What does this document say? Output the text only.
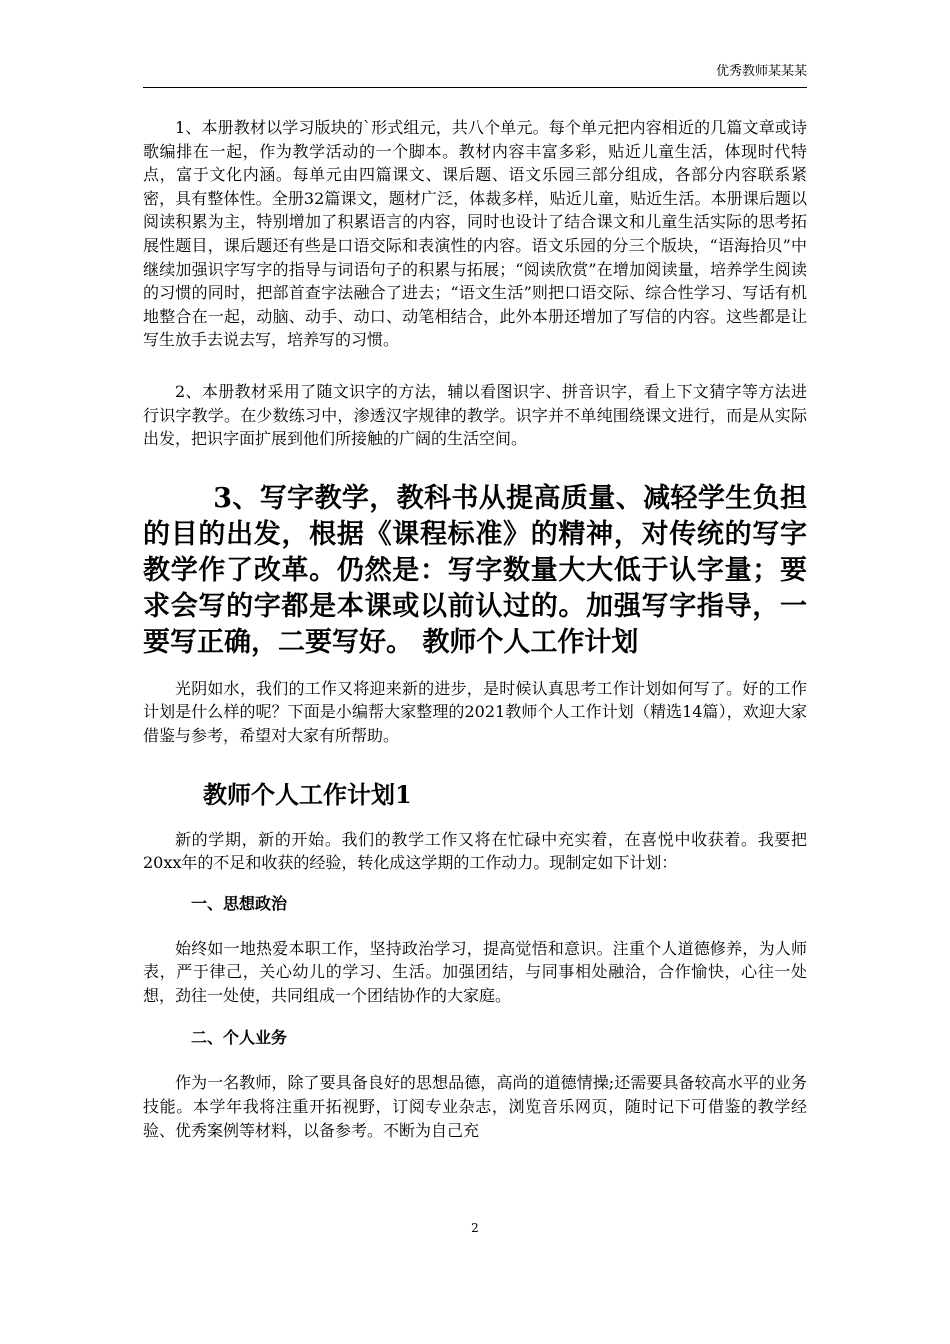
优秀教师某某某

1、本册教材以学习版块的`形式组元，共八个单元。每个单元把内容相近的几篇文章或诗歌编排在一起，作为教学活动的一个脚本。教材内容丰富多彩，贴近儿童生活，体现时代特点，富于文化内涵。每单元由四篇课文、课后题、语文乐园三部分组成，各部分内容联系紧密，具有整体性。全册32篇课文，题材广泛，体裁多样，贴近儿童，贴近生活。本册课后题以阅读积累为主，特别增加了积累语言的内容，同时也设计了结合课文和儿童生活实际的思考拓展性题目，课后题还有些是口语交际和表演性的内容。语文乐园的分三个版块，“语海拾贝”中继续加强识字写字的指导与词语句子的积累与拓展；“阅读欣赏”在增加阅读量，培养学生阅读的习惯的同时，把部首查字法融合了进去；“语文生活”则把口语交际、综合性学习、写话有机地整合在一起，动脑、动手、动口、动笔相结合，此外本册还增加了写信的内容。这些都是让写生放手去说去写，培养写的习惯。

2、本册教材采用了随文识字的方法，辅以看图识字、拼音识字，看上下文猜字等方法进行识字教学。在少数练习中，渗透汉字规律的教学。识字并不单纯围绕课文进行，而是从实际出发，把识字面扩展到他们所接触的广阔的生活空间。

3、写字教学，教科书从提高质量、减轻学生负担的目的出发，根据《课程标准》的精神，对传统的写字教学作了改革。仍然是：写字数量大大低于认字量；要求会写的字都是本课或以前认过的。加强写字指导，一要写正确，二要写好。 教师个人工作计划

光阴如水，我们的工作又将迎来新的进步，是时候认真思考工作计划如何写了。好的工作计划是什么样的呢？下面是小编帮大家整理的2021教师个人工作计划（精选14篇），欢迎大家借鉴与参考，希望对大家有所帮助。

教师个人工作计划1

新的学期，新的开始。我们的教学工作又将在忙碌中充实着，在喜悦中收获着。我要把20xx年的不足和收获的经验，转化成这学期的工作动力。现制定如下计划：

一、思想政治

始终如一地热爱本职工作，坚持政治学习，提高觉悟和意识。注重个人道德修养，为人师表，严于律己，关心幼儿的学习、生活。加强团结，与同事相处融洽，合作愉快，心往一处想，劲往一处使，共同组成一个团结协作的大家庭。

二、个人业务

作为一名教师，除了要具备良好的思想品德，高尚的道德情操;还需要具备较高水平的业务技能。本学年我将注重开拓视野，订阅专业杂志，浏览音乐网页，随时记下可借鉴的教学经验、优秀案例等材料，以备参考。不断为自己充

2
